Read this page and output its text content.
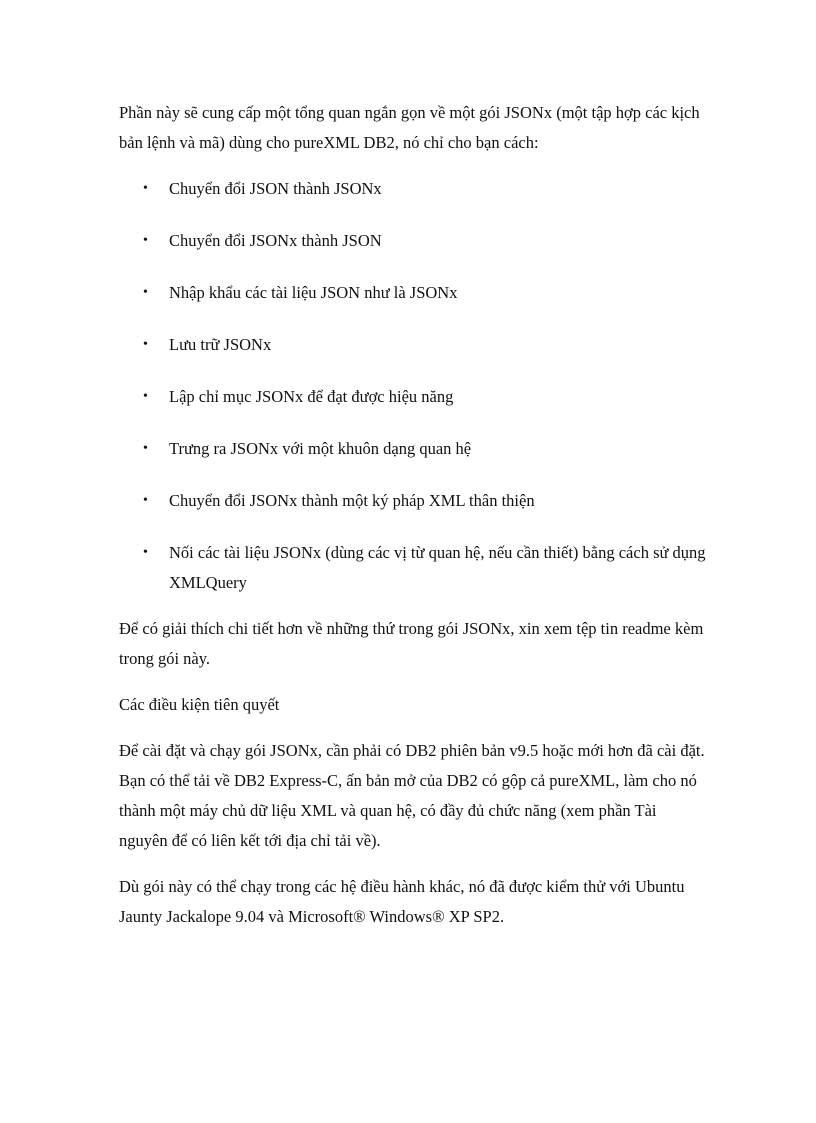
Phần này sẽ cung cấp một tổng quan ngắn gọn về một gói JSONx (một tập hợp các kịch bản lệnh và mã) dùng cho pureXML DB2, nó chỉ cho bạn cách:

• Chuyển đổi JSON thành JSONx
• Chuyển đổi JSONx thành JSON
• Nhập khẩu các tài liệu JSON như là JSONx
• Lưu trữ JSONx
• Lập chỉ mục JSONx để đạt được hiệu năng
• Trưng ra JSONx với một khuôn dạng quan hệ
• Chuyển đổi JSONx thành một ký pháp XML thân thiện
• Nối các tài liệu JSONx (dùng các vị từ quan hệ, nếu cần thiết) bằng cách sử dụng XMLQuery

Để có giải thích chi tiết hơn về những thứ trong gói JSONx, xin xem tệp tin readme kèm trong gói này.

Các điều kiện tiên quyết

Để cài đặt và chạy gói JSONx, cần phải có DB2 phiên bản v9.5 hoặc mới hơn đã cài đặt. Bạn có thể tải về DB2 Express-C, ấn bản mở của DB2 có gộp cả pureXML, làm cho nó thành một máy chủ dữ liệu XML và quan hệ, có đầy đủ chức năng (xem phần Tài nguyên để có liên kết tới địa chỉ tải về).

Dù gói này có thể chạy trong các hệ điều hành khác, nó đã được kiểm thử với Ubuntu Jaunty Jackalope 9.04 và Microsoft® Windows® XP SP2.
